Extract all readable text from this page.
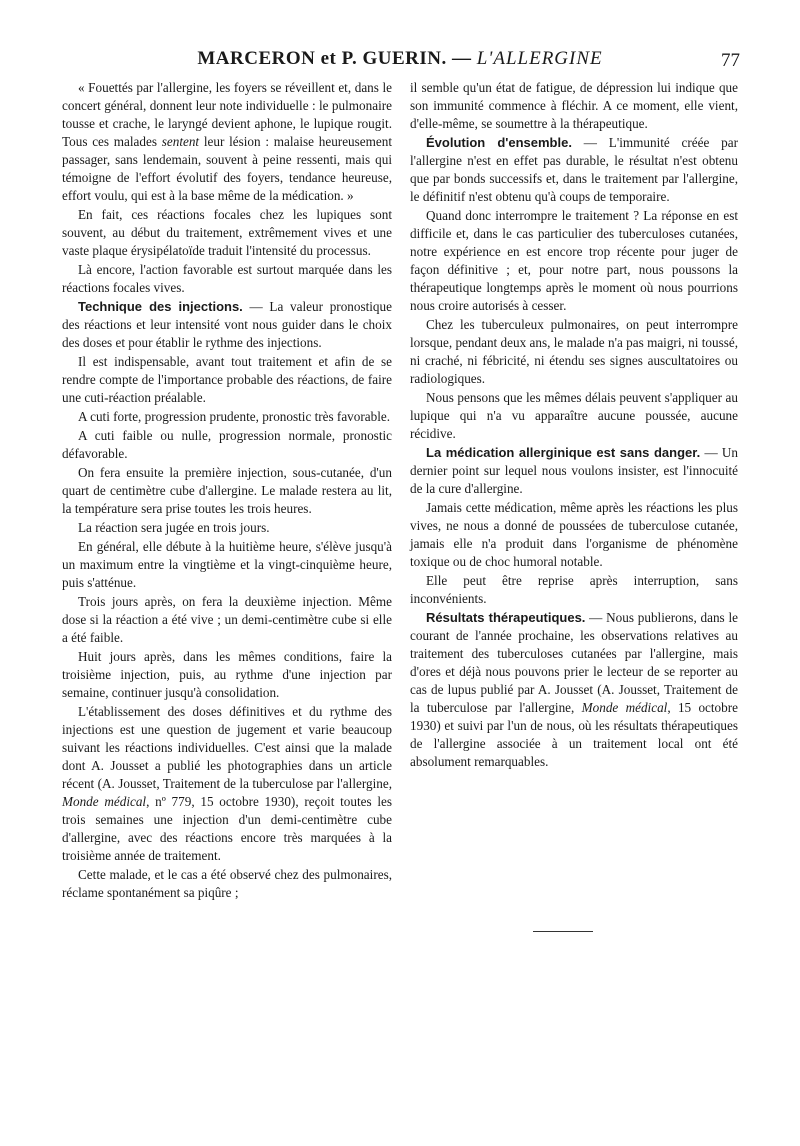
MARCERON et P. GUERIN. — L'ALLERGINE	77

« Fouettés par l'allergine, les foyers se réveillent et, dans le concert général, donnent leur note individuelle : le pulmonaire tousse et crache, le laryngé devient aphone, le lupique rougit. Tous ces malades sentent leur lésion : malaise heureusement passager, sans lendemain, souvent à peine ressenti, mais qui témoigne de l'effort évolutif des foyers, tendance heureuse, effort voulu, qui est à la base même de la médication. »

En fait, ces réactions focales chez les lupiques sont souvent, au début du traitement, extrêmement vives et une vaste plaque érysipélatoïde traduit l'intensité du processus.

Là encore, l'action favorable est surtout marquée dans les réactions focales vives.

Technique des injections. — La valeur pronostique des réactions et leur intensité vont nous guider dans le choix des doses et pour établir le rythme des injections.

Il est indispensable, avant tout traitement et afin de se rendre compte de l'importance probable des réactions, de faire une cuti-réaction préalable.

A cuti forte, progression prudente, pronostic très favorable.

A cuti faible ou nulle, progression normale, pronostic défavorable.

On fera ensuite la première injection, sous-cutanée, d'un quart de centimètre cube d'allergine. Le malade restera au lit, la température sera prise toutes les trois heures.

La réaction sera jugée en trois jours.

En général, elle débute à la huitième heure, s'élève jusqu'à un maximum entre la vingtième et la vingt-cinquième heure, puis s'atténue.

Trois jours après, on fera la deuxième injection. Même dose si la réaction a été vive ; un demi-centimètre cube si elle a été faible.

Huit jours après, dans les mêmes conditions, faire la troisième injection, puis, au rythme d'une injection par semaine, continuer jusqu'à consolidation.

L'établissement des doses définitives et du rythme des injections est une question de jugement et varie beaucoup suivant les réactions individuelles. C'est ainsi que la malade dont A. Jousset a publié les photographies dans un article récent (A. Jousset, Traitement de la tuberculose par l'allergine, Monde médical, nº 779, 15 octobre 1930), reçoit toutes les trois semaines une injection d'un demi-centimètre cube d'allergine, avec des réactions encore très marquées à la troisième année de traitement.

Cette malade, et le cas a été observé chez des pulmonaires, réclame spontanément sa piqûre ;

il semble qu'un état de fatigue, de dépression lui indique que son immunité commence à fléchir. A ce moment, elle vient, d'elle-même, se soumettre à la thérapeutique.

Évolution d'ensemble. — L'immunité créée par l'allergine n'est en effet pas durable, le résultat n'est obtenu que par bonds successifs et, dans le traitement par l'allergine, le définitif n'est obtenu qu'à coups de temporaire.

Quand donc interrompre le traitement ? La réponse en est difficile et, dans le cas particulier des tuberculoses cutanées, notre expérience en est encore trop récente pour juger de façon définitive ; et, pour notre part, nous poussons la thérapeutique longtemps après le moment où nous pourrions nous croire autorisés à cesser.

Chez les tuberculeux pulmonaires, on peut interrompre lorsque, pendant deux ans, le malade n'a pas maigri, ni toussé, ni craché, ni fébricité, ni étendu ses signes auscultatoires ou radiologiques.

Nous pensons que les mêmes délais peuvent s'appliquer au lupique qui n'a vu apparaître aucune poussée, aucune récidive.

La médication allerginique est sans danger. — Un dernier point sur lequel nous voulons insister, est l'innocuité de la cure d'allergine.

Jamais cette médication, même après les réactions les plus vives, ne nous a donné de poussées de tuberculose cutanée, jamais elle n'a produit dans l'organisme de phénomène toxique ou de choc humoral notable.

Elle peut être reprise après interruption, sans inconvénients.

Résultats thérapeutiques. — Nous publierons, dans le courant de l'année prochaine, les observations relatives au traitement des tuberculoses cutanées par l'allergine, mais d'ores et déjà nous pouvons prier le lecteur de se reporter au cas de lupus publié par A. Jousset (A. Jousset, Traitement de la tuberculose par l'allergine, Monde médical, 15 octobre 1930) et suivi par l'un de nous, où les résultats thérapeutiques de l'allergine associée à un traitement local ont été absolument remarquables.
